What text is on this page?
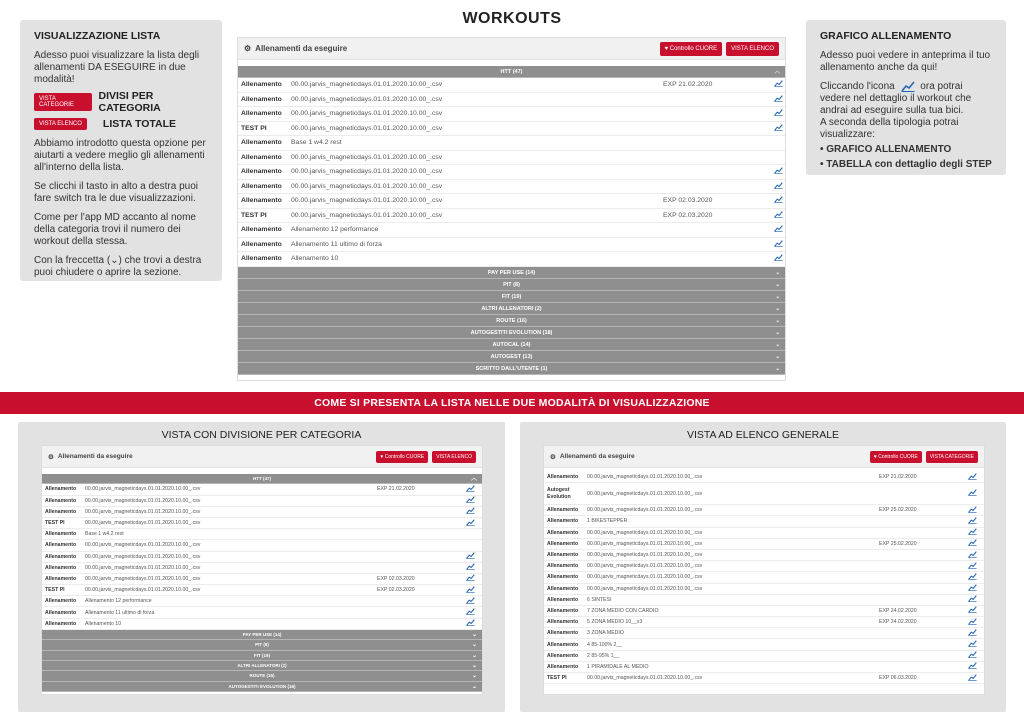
WORKOUTS
VISUALIZZAZIONE LISTA

Adesso puoi visualizzare la lista degli allenamenti DA ESEGUIRE in due modalità!

VISTA CATEGORIE
DIVISI PER CATEGORIA
VISTA ELENCO	LISTA TOTALE

Abbiamo introdotto questa opzione per aiutarti a vedere meglio gli allenamenti all'interno della lista.

Se clicchi il tasto in alto a destra puoi fare switch tra le due visualizzazioni.

Come per l'app MD accanto al nome della categoria trovi il numero dei workout della stessa.

Con la freccetta (⌄) che trovi a destra puoi chiudere o aprire la sezione.

GRAFICO ALLENAMENTO

Adesso puoi vedere in anteprima il tuo allenamento anche da qui!

Cliccando l'icona	ora potrai vedere nel dettaglio il workout che andrai ad eseguire sulla tua bici.

A seconda della tipologia potrai visualizzare:

• GRAFICO ALLENAMENTO

• TABELLA con dettaglio degli STEP

⚙ Allenamenti da eseguire	♥ Controllo CUORE	VISTA ELENCO
HTT (47)	︿
Allenamento	00.00.jarvis_magneticdays.01.01.2020.10.00_.csv	EXP 21.02.2020
Allenamento	00.00.jarvis_magneticdays.01.01.2020.10.00_.csv
Allenamento	00.00.jarvis_magneticdays.01.01.2020.10.00_.csv
TEST PI	00.00.jarvis_magneticdays.01.01.2020.10.00_.csv
Allenamento	Base 1 w4.2 rest
Allenamento	00.00.jarvis_magneticdays.01.01.2020.10.00_.csv
Allenamento	00.00.jarvis_magneticdays.01.01.2020.10.00_.csv
Allenamento	00.00.jarvis_magneticdays.01.01.2020.10.00_.csv
Allenamento	00.00.jarvis_magneticdays.01.01.2020.10.00_.csv	EXP 02.03.2020
TEST PI	00.00.jarvis_magneticdays.01.01.2020.10.00_.csv	EXP 02.03.2020
Allenamento	Allenamento 12 performance
Allenamento	Allenamento 11 ultimo di forza
Allenamento	Allenamento 10
PAY PER USE (14)	⌄
PIT (8)	⌄
FIT (19)	⌄
ALTRI ALLENATORI (2)	⌄
ROUTE (16)	⌄
AUTOGESTITI EVOLUTION (18)	⌄
AUTOCAL (14)	⌄
AUTOGEST (13)	⌄
SCRITTO DALL'UTENTE (1)	⌄
COME SI PRESENTA LA LISTA NELLE DUE MODALITÀ DI VISUALIZZAZIONE
VISTA CON DIVISIONE PER CATEGORIA
⚙ Allenamenti da eseguire	♥ Controllo CUORE	VISTA ELENCO
HTT (47)	︿
Allenamento	00.00.jarvis_magneticdays.01.01.2020.10.00_.csv	EXP 21.02.2020
Allenamento	00.00.jarvis_magneticdays.01.01.2020.10.00_.csv
Allenamento	00.00.jarvis_magneticdays.01.01.2020.10.00_.csv
TEST PI	00.00.jarvis_magneticdays.01.01.2020.10.00_.csv
Allenamento	Base 1 w4.2 rest
Allenamento	00.00.jarvis_magneticdays.01.01.2020.10.00_.csv
Allenamento	00.00.jarvis_magneticdays.01.01.2020.10.00_.csv
Allenamento	00.00.jarvis_magneticdays.01.01.2020.10.00_.csv
Allenamento	00.00.jarvis_magneticdays.01.01.2020.10.00_.csv	EXP 02.03.2020
TEST PI	00.00.jarvis_magneticdays.01.01.2020.10.00_.csv	EXP 02.03.2020
Allenamento	Allenamento 12 performance
Allenamento	Allenamento 11 ultimo di forza
Allenamento	Allenamento 10
PAY PER USE (14)	⌄
PIT (8)	⌄
FIT (19)	⌄
ALTRI ALLENATORI (2)	⌄
ROUTE (16)	⌄
AUTOGESTITI EVOLUTION (18)	⌄
VISTA AD ELENCO GENERALE
⚙ Allenamenti da eseguire	♥ Controllo CUORE	VISTA CATEGORIE
Allenamento	00.00.jarvis_magneticdays.01.01.2020.10.00_.csv	EXP 21.02.2020
Autogest Evolution	00.00.jarvis_magneticdays.01.01.2020.10.00_.csv
Allenamento	00.00.jarvis_magneticdays.01.01.2020.10.00_.csv	EXP 25.02.2020
Allenamento	1 BIKESTEPPER
Allenamento	00.00.jarvis_magneticdays.01.01.2020.10.00_.csv
Allenamento	00.00.jarvis_magneticdays.01.01.2020.10.00_.csv	EXP 25.02.2020
Allenamento	00.00.jarvis_magneticdays.01.01.2020.10.00_.csv
Allenamento	00.00.jarvis_magneticdays.01.01.2020.10.00_.csv
Allenamento	00.00.jarvis_magneticdays.01.01.2020.10.00_.csv
Allenamento	00.00.jarvis_magneticdays.01.01.2020.10.00_.csv
Allenamento	6 SINTESI
Allenamento	7 ZONA MEDIO CON CARDIO	EXP 24.02.2020
Allenamento	5 ZONA MEDIO 10__x3	EXP 24.02.2020
Allenamento	3 ZONA MEDIO
Allenamento	4 85-100% 2__
Allenamento	2 85-95% 1__
Allenamento	1 PIRAMIDALE AL MEDIO
TEST PI	00.00.jarvis_magneticdays.01.01.2020.10.00_.csv	EXP 06.03.2020
